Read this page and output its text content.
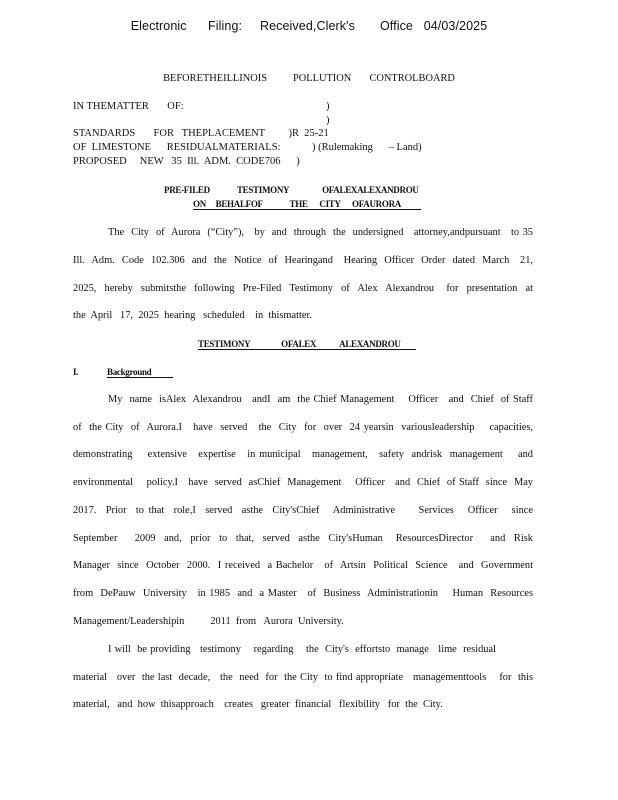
Electronic      Filing:     Received,Clerk's       Office   04/03/2025
BEFORETHEILLINOIS          POLLUTION       CONTROLBOARD
IN THEMATTER       OF:	)
)
STANDARDS       FOR   THEPLACEMENT         )R  25-21
OF  LIMESTONE      RESIDUALMATERIALS:            ) (Rulemaking      – Land)
PROPOSED     NEW   35  Ill.  ADM.  CODE706      )
PRE-FILED              TESTIMONY                 OFALEXALEXANDROU
ON     BEHALFOF              THE      CITY      OFAURORA
The  City  of  Aurora  (“City”),   by  and  through  the  undersigned   attorney,andpursuant   to 35
Ill.  Adm.  Code  102.306  and  the  Notice  of  Hearingand   Hearing  Officer  Order  dated  March   21,
2025,  hereby  submitsthe  following  Pre-Filed  Testimony  of  Alex  Alexandrou   for  presentation  at
the  April   17,  2025  hearing   scheduled    in  thismatter.
TESTIMONY                OFALEX            ALEXANDROU
I.	Background
My  name  isAlex  Alexandrou   andI  am  the Chief Management    Officer   and  Chief  of Staff
of  the City  of  Aurora.I   have  served   the  City  for  over  24 yearsin  variousleadership    capacities,
demonstrating    extensive   expertise   in municipal   management,   safety  andrisk  management    and
environmental    policy.I   have  served  asChief  Management    Officer   and  Chief  of Staff  since  May
2017.  Prior  to that  role,I  served  asthe  City'sChief   Administrative     Services   Officer   since
September    2009  and,  prior  to  that,  served  asthe  City'sHuman   ResourcesDirector    and  Risk
Manager  since  October  2000.  I received  a Bachelor   of  Artsin  Political  Science   and  Government
from  DePauw  University   in 1985  and  a Master   of  Business  Administrationin    Human  Resources
Management/Leadershipin          2011  from   Aurora  University.
I will  be providing   testimony    regarding    the  City's  effortsto  manage   lime  residual
material   over  the last  decade,   the  need  for  the City  to find appropriate   managementtools    for  this
material,   and  how  thisapproach    creates   greater  financial   flexibility   for  the  City.
